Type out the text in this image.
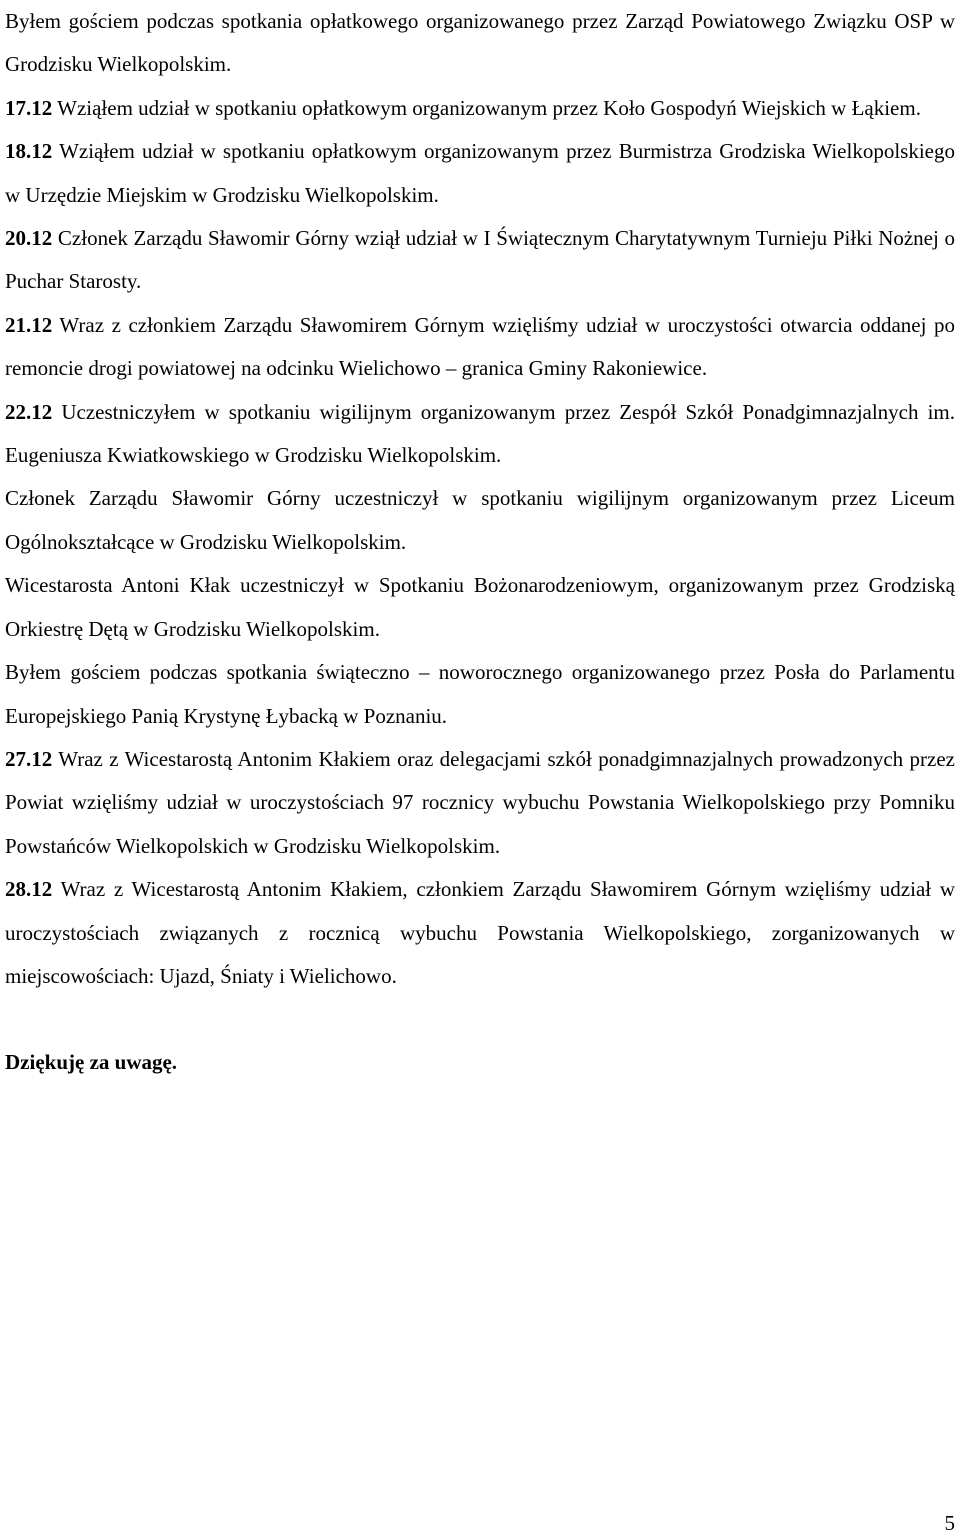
Byłem gościem podczas spotkania opłatkowego organizowanego przez Zarząd Powiatowego Związku OSP w Grodzisku Wielkopolskim.

17.12 Wziąłem udział w spotkaniu opłatkowym organizowanym przez Koło Gospodyń Wiejskich w Łąkiem.

18.12 Wziąłem udział w spotkaniu opłatkowym organizowanym przez Burmistrza Grodziska Wielkopolskiego w Urzędzie Miejskim w Grodzisku Wielkopolskim.

20.12 Członek Zarządu Sławomir Górny wziął udział w I Świątecznym Charytatywnym Turnieju Piłki Nożnej o Puchar Starosty.

21.12 Wraz z członkiem Zarządu Sławomirem Górnym wzięliśmy udział w uroczystości otwarcia oddanej po remoncie drogi powiatowej na odcinku Wielichowo – granica Gminy Rakoniewice.

22.12 Uczestniczyłem w spotkaniu wigilijnym organizowanym przez Zespół Szkół Ponadgimnazjalnych im. Eugeniusza Kwiatkowskiego w Grodzisku Wielkopolskim.

Członek Zarządu Sławomir Górny uczestniczył w spotkaniu wigilijnym organizowanym przez Liceum Ogólnokształcące w Grodzisku Wielkopolskim.

Wicestarosta Antoni Kłak uczestniczył w Spotkaniu Bożonarodzeniowym, organizowanym przez Grodziską Orkiestrę Dętą w Grodzisku Wielkopolskim.

Byłem gościem podczas spotkania świąteczno – noworocznego organizowanego przez Posła do Parlamentu Europejskiego Panią Krystynę Łybacką w Poznaniu.

27.12 Wraz z Wicestarostą Antonim Kłakiem oraz delegacjami szkół ponadgimnazjalnych prowadzonych przez Powiat wzięliśmy udział w uroczystościach 97 rocznicy wybuchu Powstania Wielkopolskiego przy Pomniku Powstańców Wielkopolskich w Grodzisku Wielkopolskim.

28.12 Wraz z Wicestarostą Antonim Kłakiem, członkiem Zarządu Sławomirem Górnym wzięliśmy udział w uroczystościach związanych z rocznicą wybuchu Powstania Wielkopolskiego, zorganizowanych w miejscowościach: Ujazd, Śniaty i Wielichowo.

Dziękuję za uwagę.

5
